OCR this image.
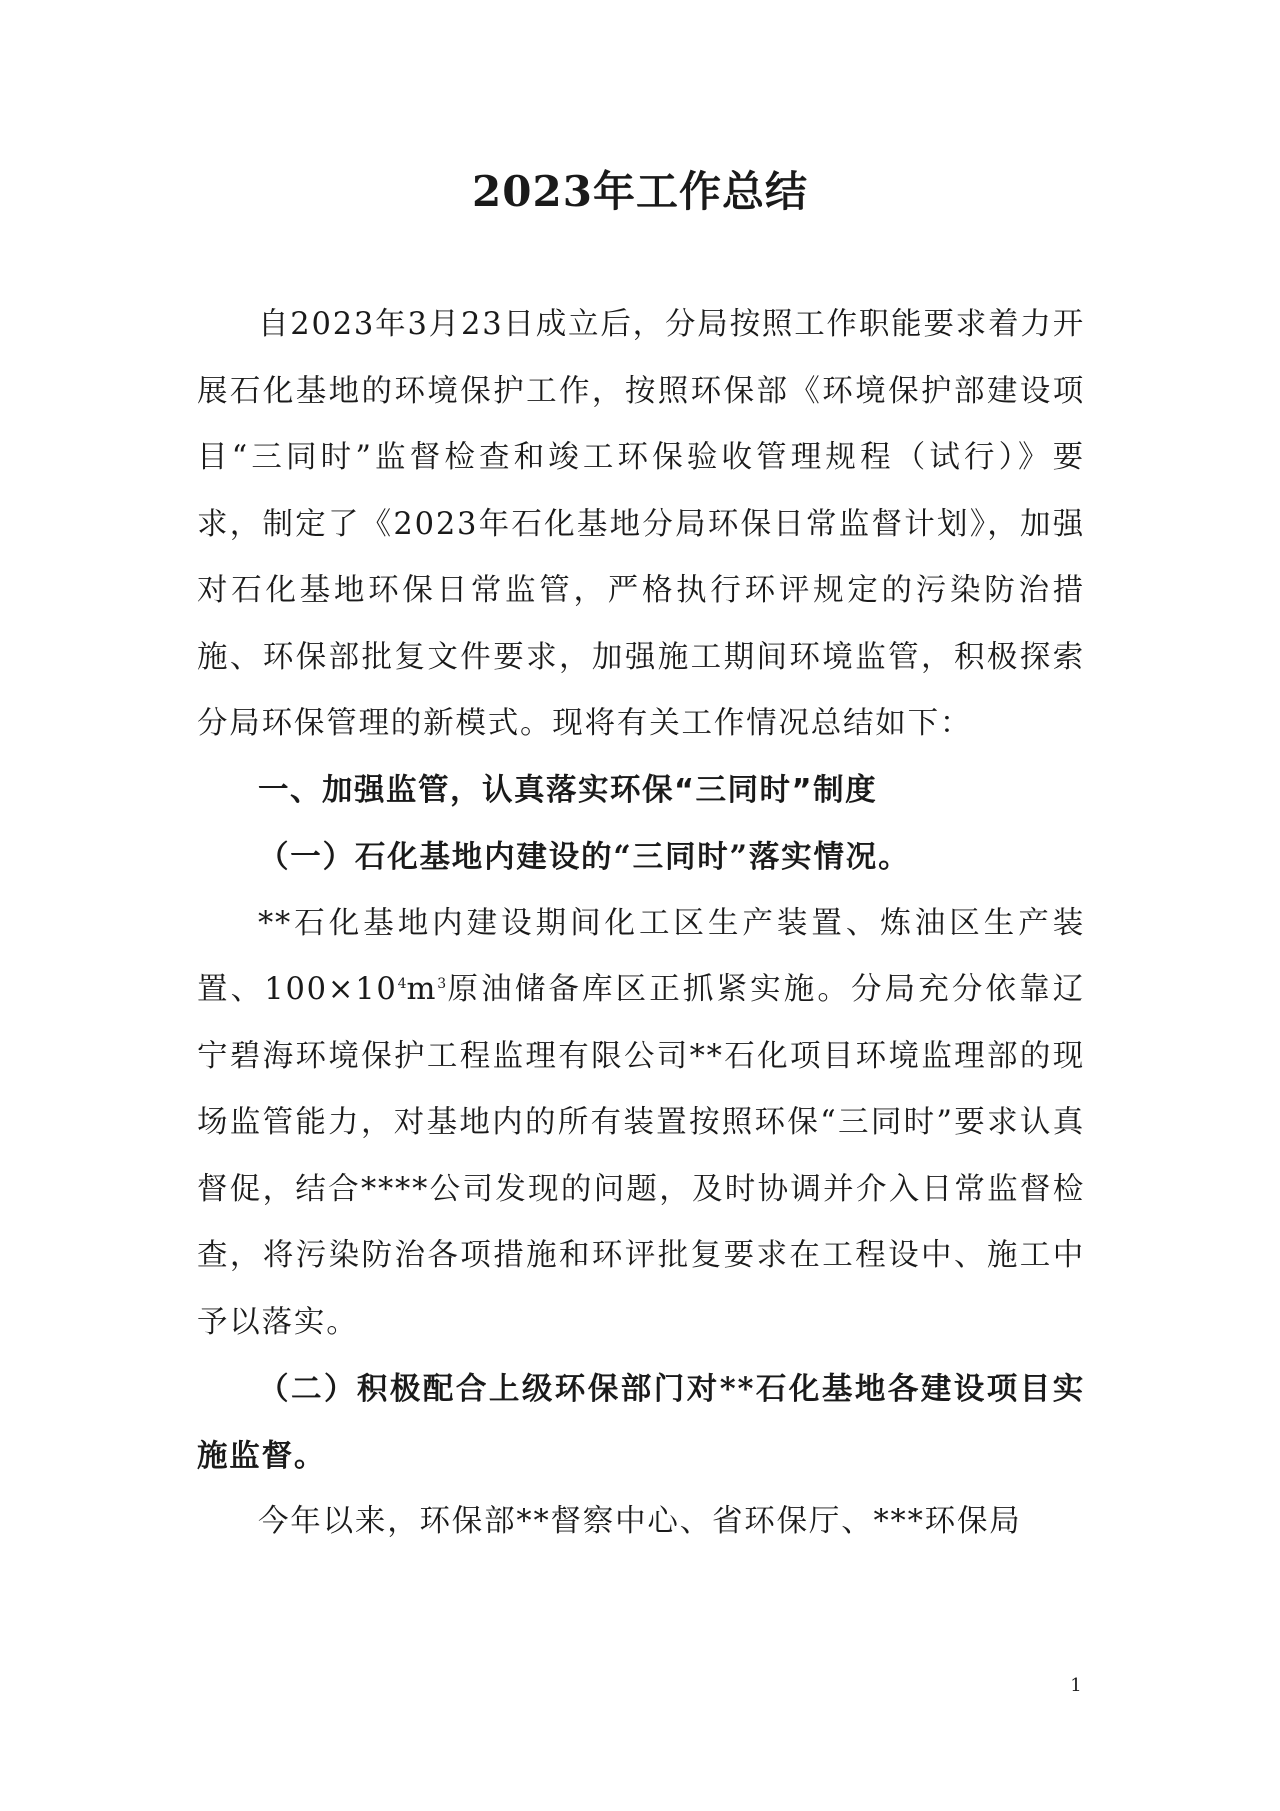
2023年工作总结

自2023年3月23日成立后，分局按照工作职能要求着力开展石化基地的环境保护工作，按照环保部《环境保护部建设项目“三同时”监督检查和竣工环保验收管理规程（试行）》要求，制定了《2023年石化基地分局环保日常监督计划》，加强对石化基地环保日常监管，严格执行环评规定的污染防治措施、环保部批复文件要求，加强施工期间环境监管，积极探索分局环保管理的新模式。现将有关工作情况总结如下：

一、加强监管，认真落实环保“三同时”制度

（一）石化基地内建设的“三同时”落实情况。

**石化基地内建设期间化工区生产装置、炼油区生产装置、$100\times 10^4m^3$原油储备库区正抓紧实施。分局充分依靠辽宁碧海环境保护工程监理有限公司**石化项目环境监理部的现场监管能力，对基地内的所有装置按照环保“三同时”要求认真督促，结合****公司发现的问题，及时协调并介入日常监督检查，将污染防治各项措施和环评批复要求在工程设中、施工中予以落实。

（二）积极配合上级环保部门对**石化基地各建设项目实施监督。

今年以来，环保部**督察中心、省环保厅、***环保局

1
